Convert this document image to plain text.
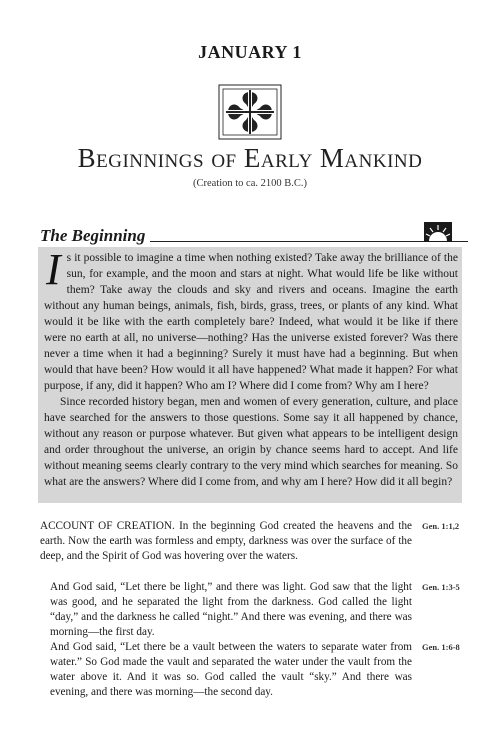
JANUARY 1
Beginnings of Early Mankind
(Creation to ca. 2100 B.C.)
The Beginning

Is it possible to imagine a time when nothing existed? Take away the brilliance of the sun, for example, and the moon and stars at night. What would life be like without them? Take away the clouds and sky and rivers and oceans. Imagine the earth without any human beings, animals, fish, birds, grass, trees, or plants of any kind. What would it be like with the earth completely bare? Indeed, what would it be like if there were no earth at all, no universe—nothing? Has the universe existed forever? Was there never a time when it had a beginning? Surely it must have had a beginning. But when would that have been? How would it all have happened? What made it happen? For what purpose, if any, did it happen? Who am I? Where did I come from? Why am I here?

Since recorded history began, men and women of every generation, culture, and place have searched for the answers to those questions. Some say it all happened by chance, without any reason or purpose whatever. But given what appears to be intelligent design and order throughout the universe, an origin by chance seems hard to accept. And life without meaning seems clearly contrary to the very mind which searches for meaning. So what are the answers? Where did I come from, and why am I here? How did it all begin?

ACCOUNT OF CREATION. In the beginning God created the heavens and the earth. Now the earth was formless and empty, darkness was over the surface of the deep, and the Spirit of God was hovering over the waters.

Gen. 1:1,2

And God said, “Let there be light,” and there was light. God saw that the light was good, and he separated the light from the darkness. God called the light “day,” and the darkness he called “night.” And there was evening, and there was morning—the first day.

Gen. 1:3-5

And God said, “Let there be a vault between the waters to separate water from water.” So God made the vault and separated the water under the vault from the water above it. And it was so. God called the vault “sky.” And there was evening, and there was morning—the second day.

Gen. 1:6-8
